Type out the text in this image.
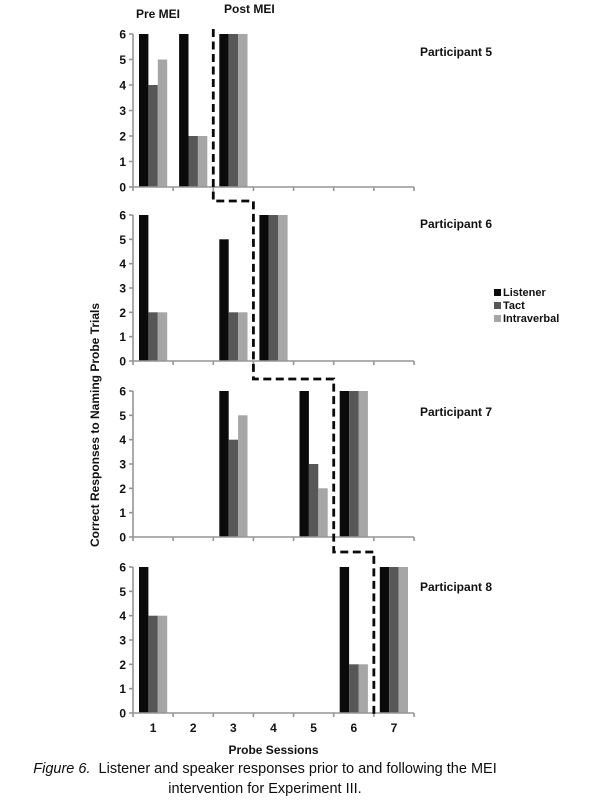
0
1
2
3
4
5
6
0
1
2
3
4
5
6
0
1
2
3
4
5
6
0
1
2
3
4
5
6
1	2	3	4	5	6	7
Pre MEI	Post MEI
Correct Responses to Naming Probe Trials
Participant 5
Participant 6
Participant 7
Participant 8
Listener
Tact
Intraverbal
Probe Sessions
Figure 6.  Listener and speaker responses prior to and following the MEI
intervention for Experiment III.
